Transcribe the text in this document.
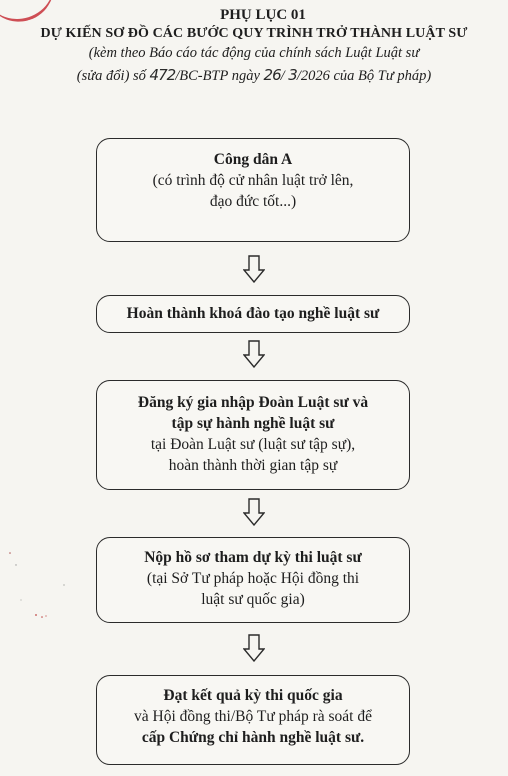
PHỤ LỤC 01
DỰ KIẾN SƠ ĐỒ CÁC BƯỚC QUY TRÌNH TRỞ THÀNH LUẬT SƯ
(kèm theo Báo cáo tác động của chính sách Luật Luật sư
(sửa đổi) số 472/BC-BTP ngày 26/ 3/2026 của Bộ Tư pháp)
Công dân A
(có trình độ cử nhân luật trở lên,
đạo đức tốt...)
Hoàn thành khoá đào tạo nghề luật sư
Đăng ký gia nhập Đoàn Luật sư và
tập sự hành nghề luật sư
tại Đoàn Luật sư (luật sư tập sự),
hoàn thành thời gian tập sự
Nộp hồ sơ tham dự kỳ thi luật sư
(tại Sở Tư pháp hoặc Hội đồng thi
luật sư quốc gia)
Đạt kết quả kỳ thi quốc gia
và Hội đồng thi/Bộ Tư pháp rà soát để
cấp Chứng chỉ hành nghề luật sư.
